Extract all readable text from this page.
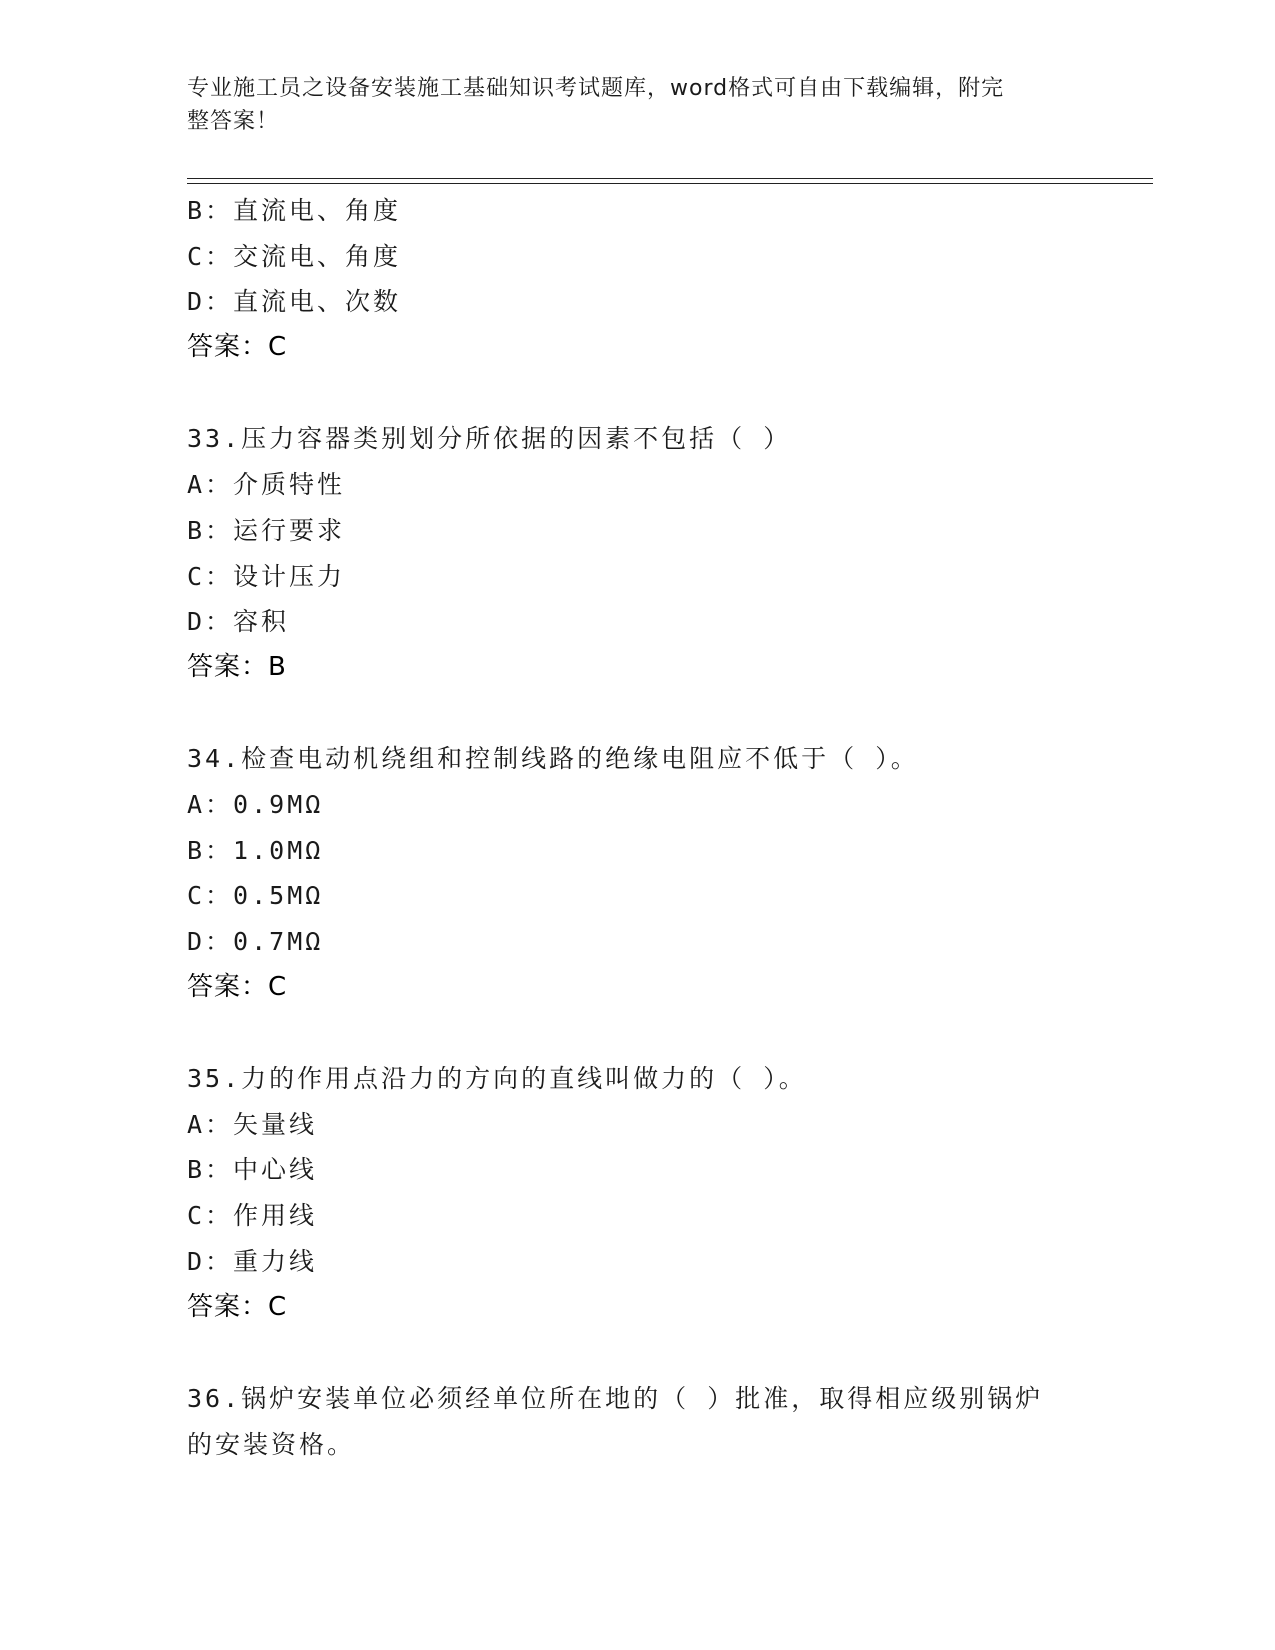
专业施工员之设备安装施工基础知识考试题库，word格式可自由下载编辑，附完
整答案！
B：直流电、角度
C：交流电、角度
D：直流电、次数
答案：C
33.压力容器类别划分所依据的因素不包括（ ）
A：介质特性
B：运行要求
C：设计压力
D：容积
答案：B
34.检查电动机绕组和控制线路的绝缘电阻应不低于（ ）。
A：0.9MΩ
B：1.0MΩ
C：0.5MΩ
D：0.7MΩ
答案：C
35.力的作用点沿力的方向的直线叫做力的（ ）。
A：矢量线
B：中心线
C：作用线
D：重力线
答案：C
36.锅炉安装单位必须经单位所在地的（ ）批准，取得相应级别锅炉
的安装资格。
